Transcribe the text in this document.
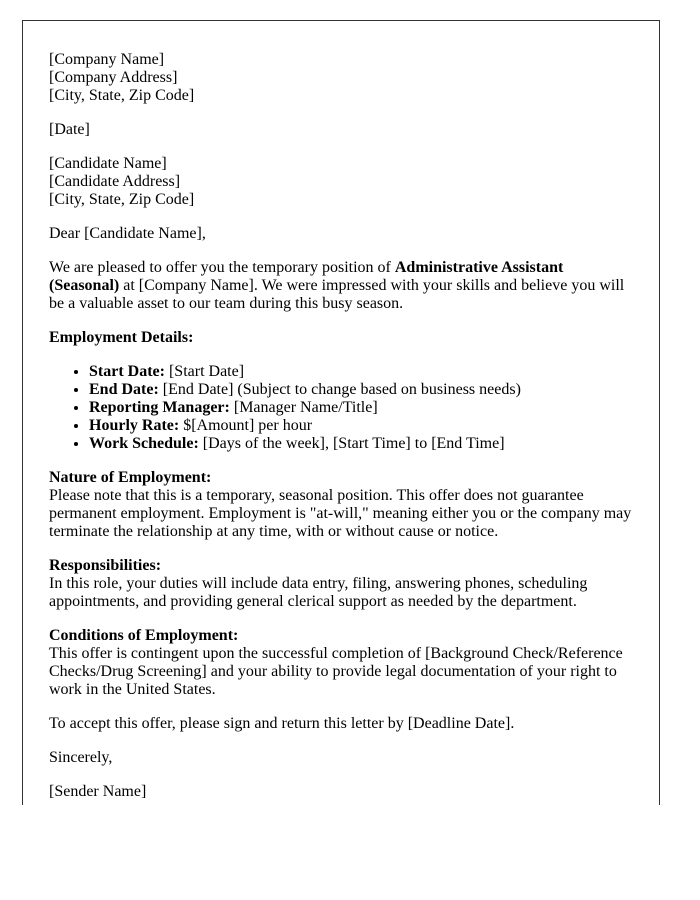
[Company Name]
[Company Address]
[City, State, Zip Code]

[Date]

[Candidate Name]
[Candidate Address]
[City, State, Zip Code]

Dear [Candidate Name],

We are pleased to offer you the temporary position of Administrative Assistant (Seasonal) at [Company Name]. We were impressed with your skills and believe you will be a valuable asset to our team during this busy season.

Employment Details:

• Start Date: [Start Date]
• End Date: [End Date] (Subject to change based on business needs)
• Reporting Manager: [Manager Name/Title]
• Hourly Rate: $[Amount] per hour
• Work Schedule: [Days of the week], [Start Time] to [End Time]

Nature of Employment:
Please note that this is a temporary, seasonal position. This offer does not guarantee permanent employment. Employment is "at-will," meaning either you or the company may terminate the relationship at any time, with or without cause or notice.

Responsibilities:
In this role, your duties will include data entry, filing, answering phones, scheduling appointments, and providing general clerical support as needed by the department.

Conditions of Employment:
This offer is contingent upon the successful completion of [Background Check/Reference Checks/Drug Screening] and your ability to provide legal documentation of your right to work in the United States.

To accept this offer, please sign and return this letter by [Deadline Date].

Sincerely,

[Sender Name]
